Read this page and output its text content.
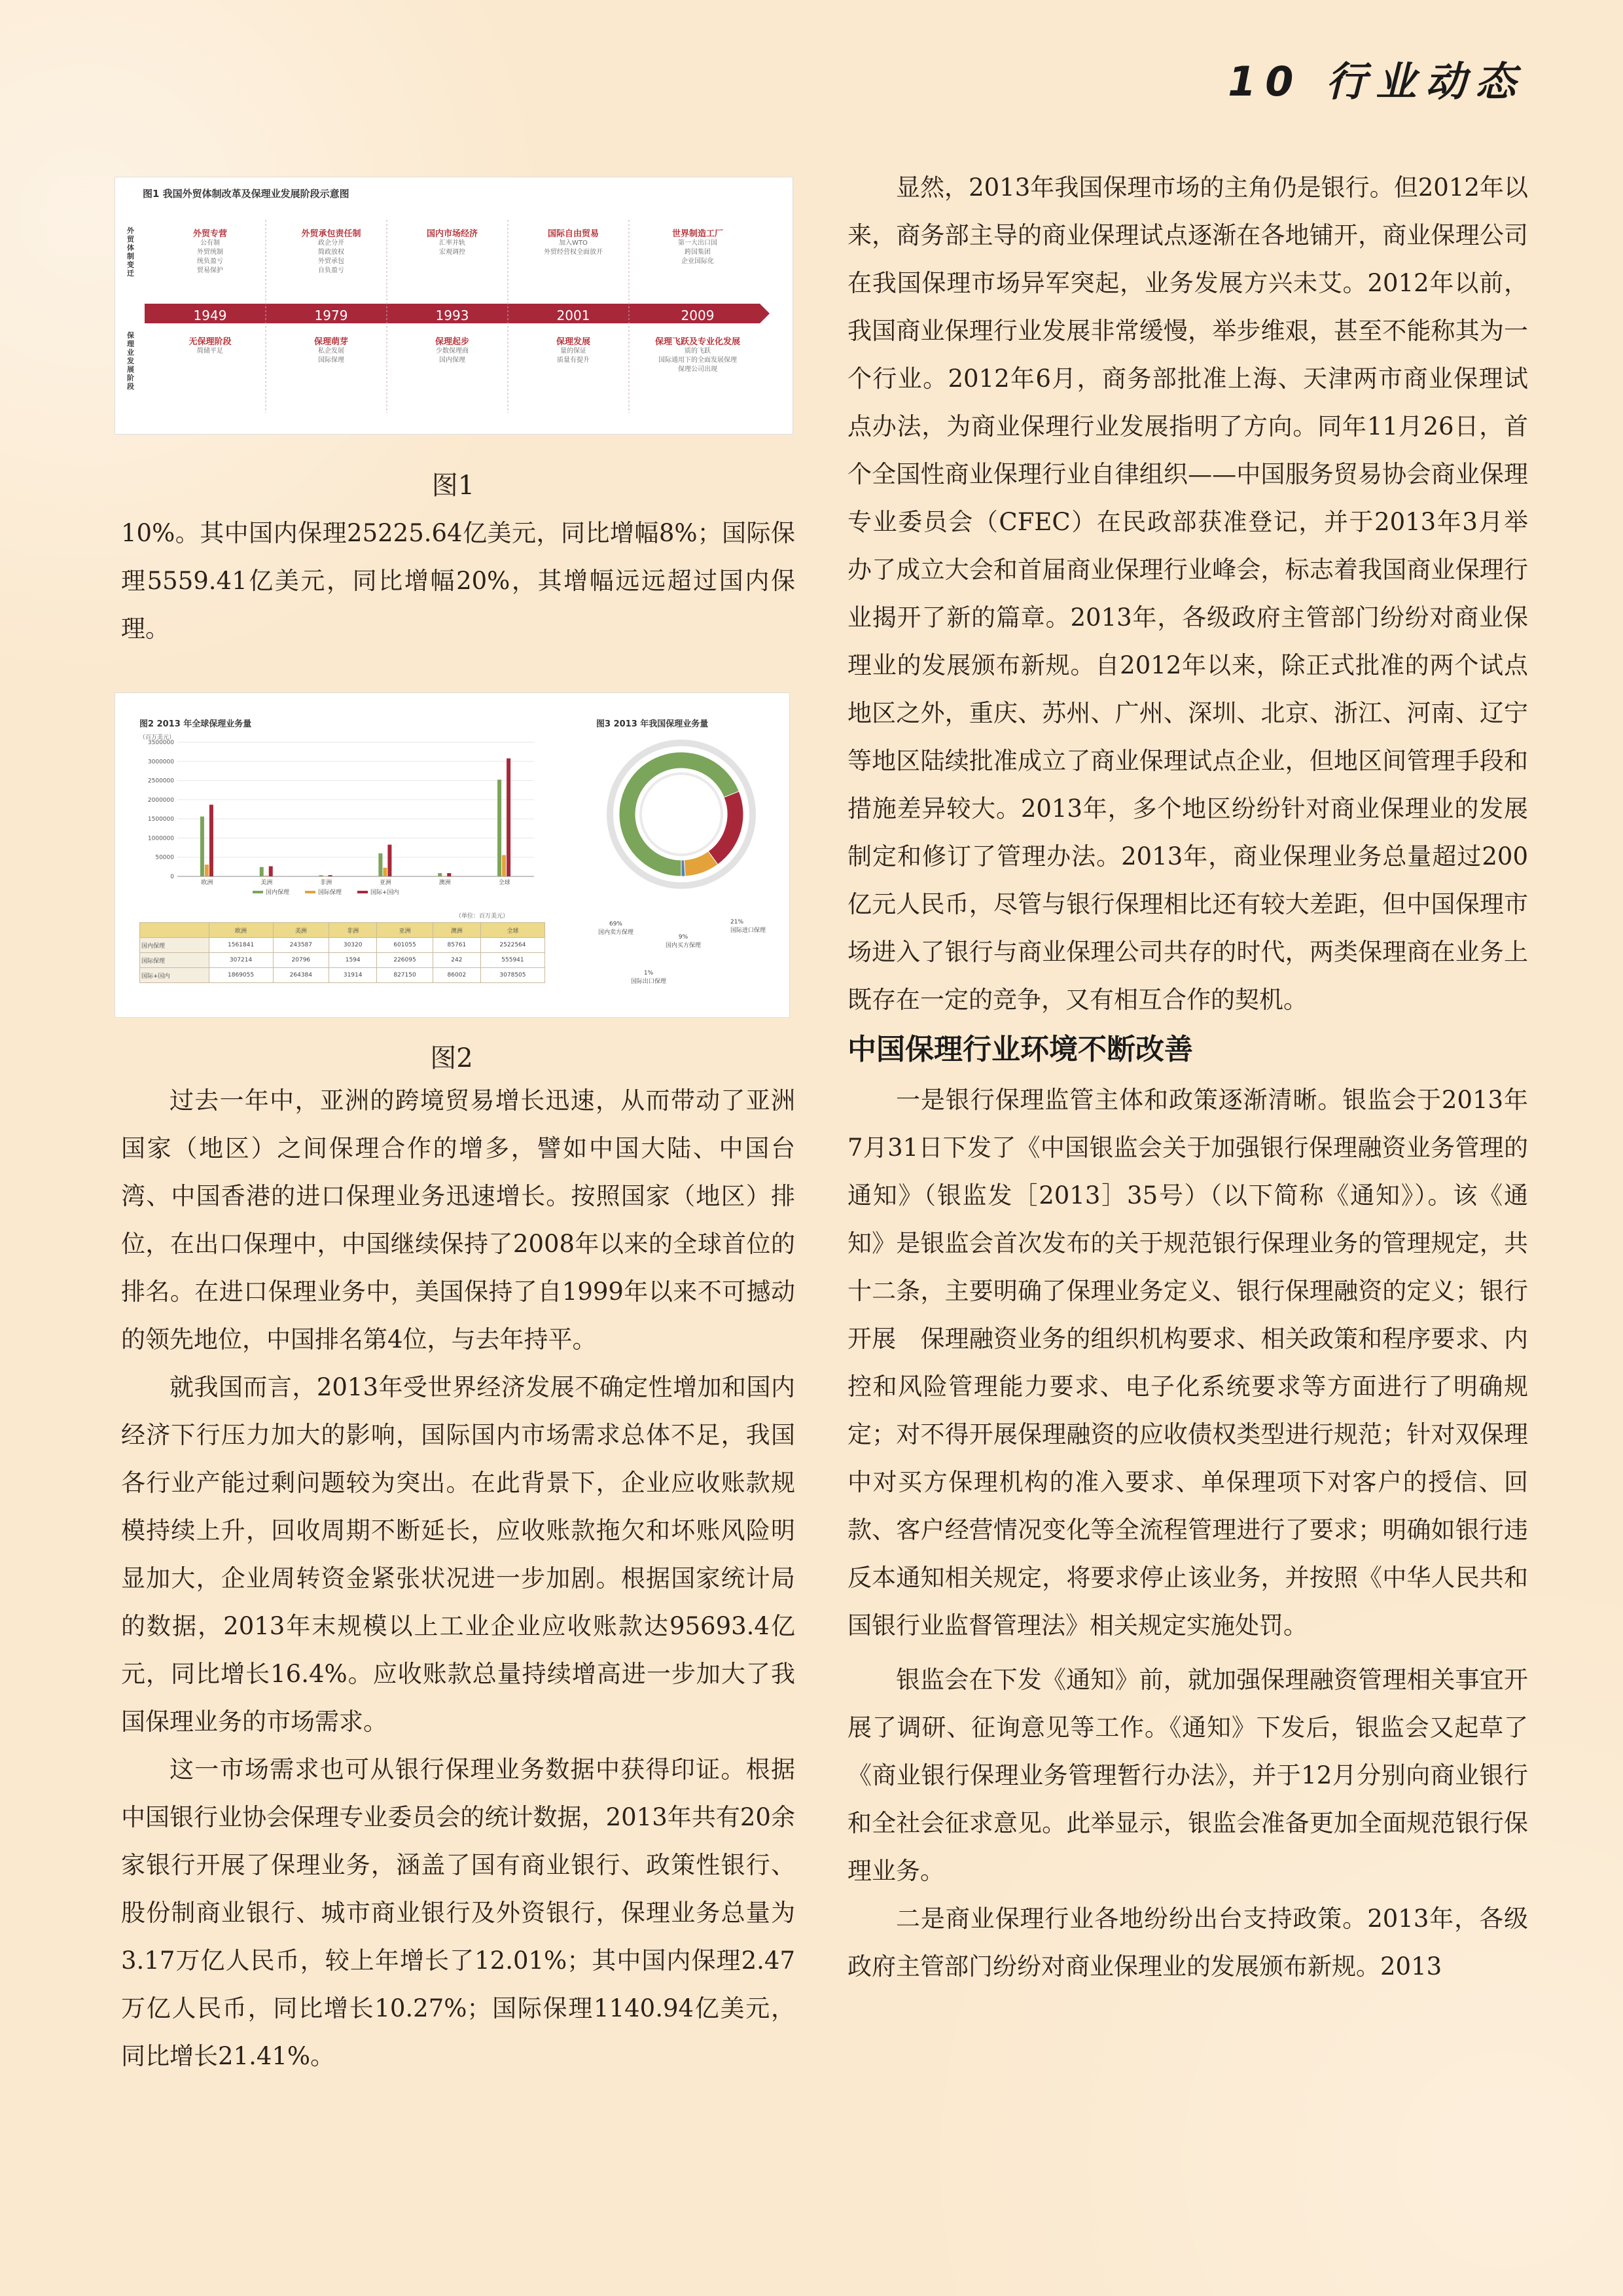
10 行业动态
图1 我国外贸体制改革及保理业发展阶段示意图
外贸体制变迁
保理业发展阶段
外贸专营
公有制
外贸统制
统负盈亏
贸易保护
1949
无保理阶段
简储平足
外贸承包责任制
政企分开
简政放权
外贸承包
自负盈亏
1979
保理萌芽
私企发展
国际保理
国内市场经济
汇率并轨
宏观调控
1993
保理起步
少数保理商
国内保理
国际自由贸易
加入WTO
外贸经营权全面放开
2001
保理发展
量的保证
质量有提升
世界制造工厂
第一大出口国
跨国集团
企业国际化
2009
保理飞跃及专业化发展
质的飞跃
国际通用下的全面发展保理
保理公司出现
图1
图2 2013 年全球保理业务量	图3 2013 年我国保理业务量
（百万美元）
3500000
3000000
2500000
2000000
1500000
1000000
50000
0
欧洲	美洲	非洲	亚洲	澳洲	全球
国内保理	国际保理	国际+国内
69%
国内卖方保理
21%
国际进口保理
9%
国内买方保理
1%
国际出口保理
（单位：百万美元）
	欧洲	美洲	非洲	亚洲	澳洲	全球
国内保理	1561841	243587	30320	601055	85761	2522564
国际保理	307214	20796	1594	226095	242	555941
国际+国内	1869055	264384	31914	827150	86002	3078505
图2

10%。其中国内保理25225.64亿美元，同比增幅8%；国际保理5559.41亿美元，同比增幅20%，其增幅远远超过国内保理。

过去一年中，亚洲的跨境贸易增长迅速，从而带动了亚洲国家（地区）之间保理合作的增多，譬如中国大陆、中国台湾、中国香港的进口保理业务迅速增长。按照国家（地区）排位，在出口保理中，中国继续保持了2008年以来的全球首位的排名。在进口保理业务中，美国保持了自1999年以来不可撼动的领先地位，中国排名第4位，与去年持平。

就我国而言，2013年受世界经济发展不确定性增加和国内经济下行压力加大的影响，国际国内市场需求总体不足，我国各行业产能过剩问题较为突出。在此背景下，企业应收账款规模持续上升，回收周期不断延长，应收账款拖欠和坏账风险明显加大，企业周转资金紧张状况进一步加剧。根据国家统计局的数据，2013年末规模以上工业企业应收账款达95693.4亿元，同比增长16.4%。应收账款总量持续增高进一步加大了我国保理业务的市场需求。

这一市场需求也可从银行保理业务数据中获得印证。根据中国银行业协会保理专业委员会的统计数据，2013年共有20余家银行开展了保理业务，涵盖了国有商业银行、政策性银行、股份制商业银行、城市商业银行及外资银行，保理业务总量为3.17万亿人民币，较上年增长了12.01%；其中国内保理2.47万亿人民币，同比增长10.27%；国际保理1140.94亿美元，同比增长21.41%。

显然，2013年我国保理市场的主角仍是银行。但2012年以来，商务部主导的商业保理试点逐渐在各地铺开，商业保理公司在我国保理市场异军突起，业务发展方兴未艾。2012年以前，我国商业保理行业发展非常缓慢，举步维艰，甚至不能称其为一个行业。2012年6月，商务部批准上海、天津两市商业保理试点办法，为商业保理行业发展指明了方向。同年11月26日，首个全国性商业保理行业自律组织——中国服务贸易协会商业保理专业委员会（CFEC）在民政部获准登记，并于2013年3月举办了成立大会和首届商业保理行业峰会，标志着我国商业保理行业揭开了新的篇章。2013年，各级政府主管部门纷纷对商业保理业的发展颁布新规。自2012年以来，除正式批准的两个试点地区之外，重庆、苏州、广州、深圳、北京、浙江、河南、辽宁等地区陆续批准成立了商业保理试点企业，但地区间管理手段和措施差异较大。2013年，多个地区纷纷针对商业保理业的发展制定和修订了管理办法。2013年，商业保理业务总量超过200亿元人民币，尽管与银行保理相比还有较大差距，但中国保理市场进入了银行与商业保理公司共存的时代，两类保理商在业务上既存在一定的竞争，又有相互合作的契机。

中国保理行业环境不断改善

一是银行保理监管主体和政策逐渐清晰。银监会于2013年7月31日下发了《中国银监会关于加强银行保理融资业务管理的通知》（银监发［2013］35号）（以下简称《通知》）。该《通知》是银监会首次发布的关于规范银行保理业务的管理规定，共十二条，主要明确了保理业务定义、银行保理融资的定义；银行开展　保理融资业务的组织机构要求、相关政策和程序要求、内控和风险管理能力要求、电子化系统要求等方面进行了明确规定；对不得开展保理融资的应收债权类型进行规范；针对双保理中对买方保理机构的准入要求、单保理项下对客户的授信、回款、客户经营情况变化等全流程管理进行了要求；明确如银行违反本通知相关规定，将要求停止该业务，并按照《中华人民共和国银行业监督管理法》相关规定实施处罚。

银监会在下发《通知》前，就加强保理融资管理相关事宜开展了调研、征询意见等工作。《通知》下发后，银监会又起草了《商业银行保理业务管理暂行办法》，并于12月分别向商业银行和全社会征求意见。此举显示，银监会准备更加全面规范银行保理业务。

二是商业保理行业各地纷纷出台支持政策。2013年，各级政府主管部门纷纷对商业保理业的发展颁布新规。2013
